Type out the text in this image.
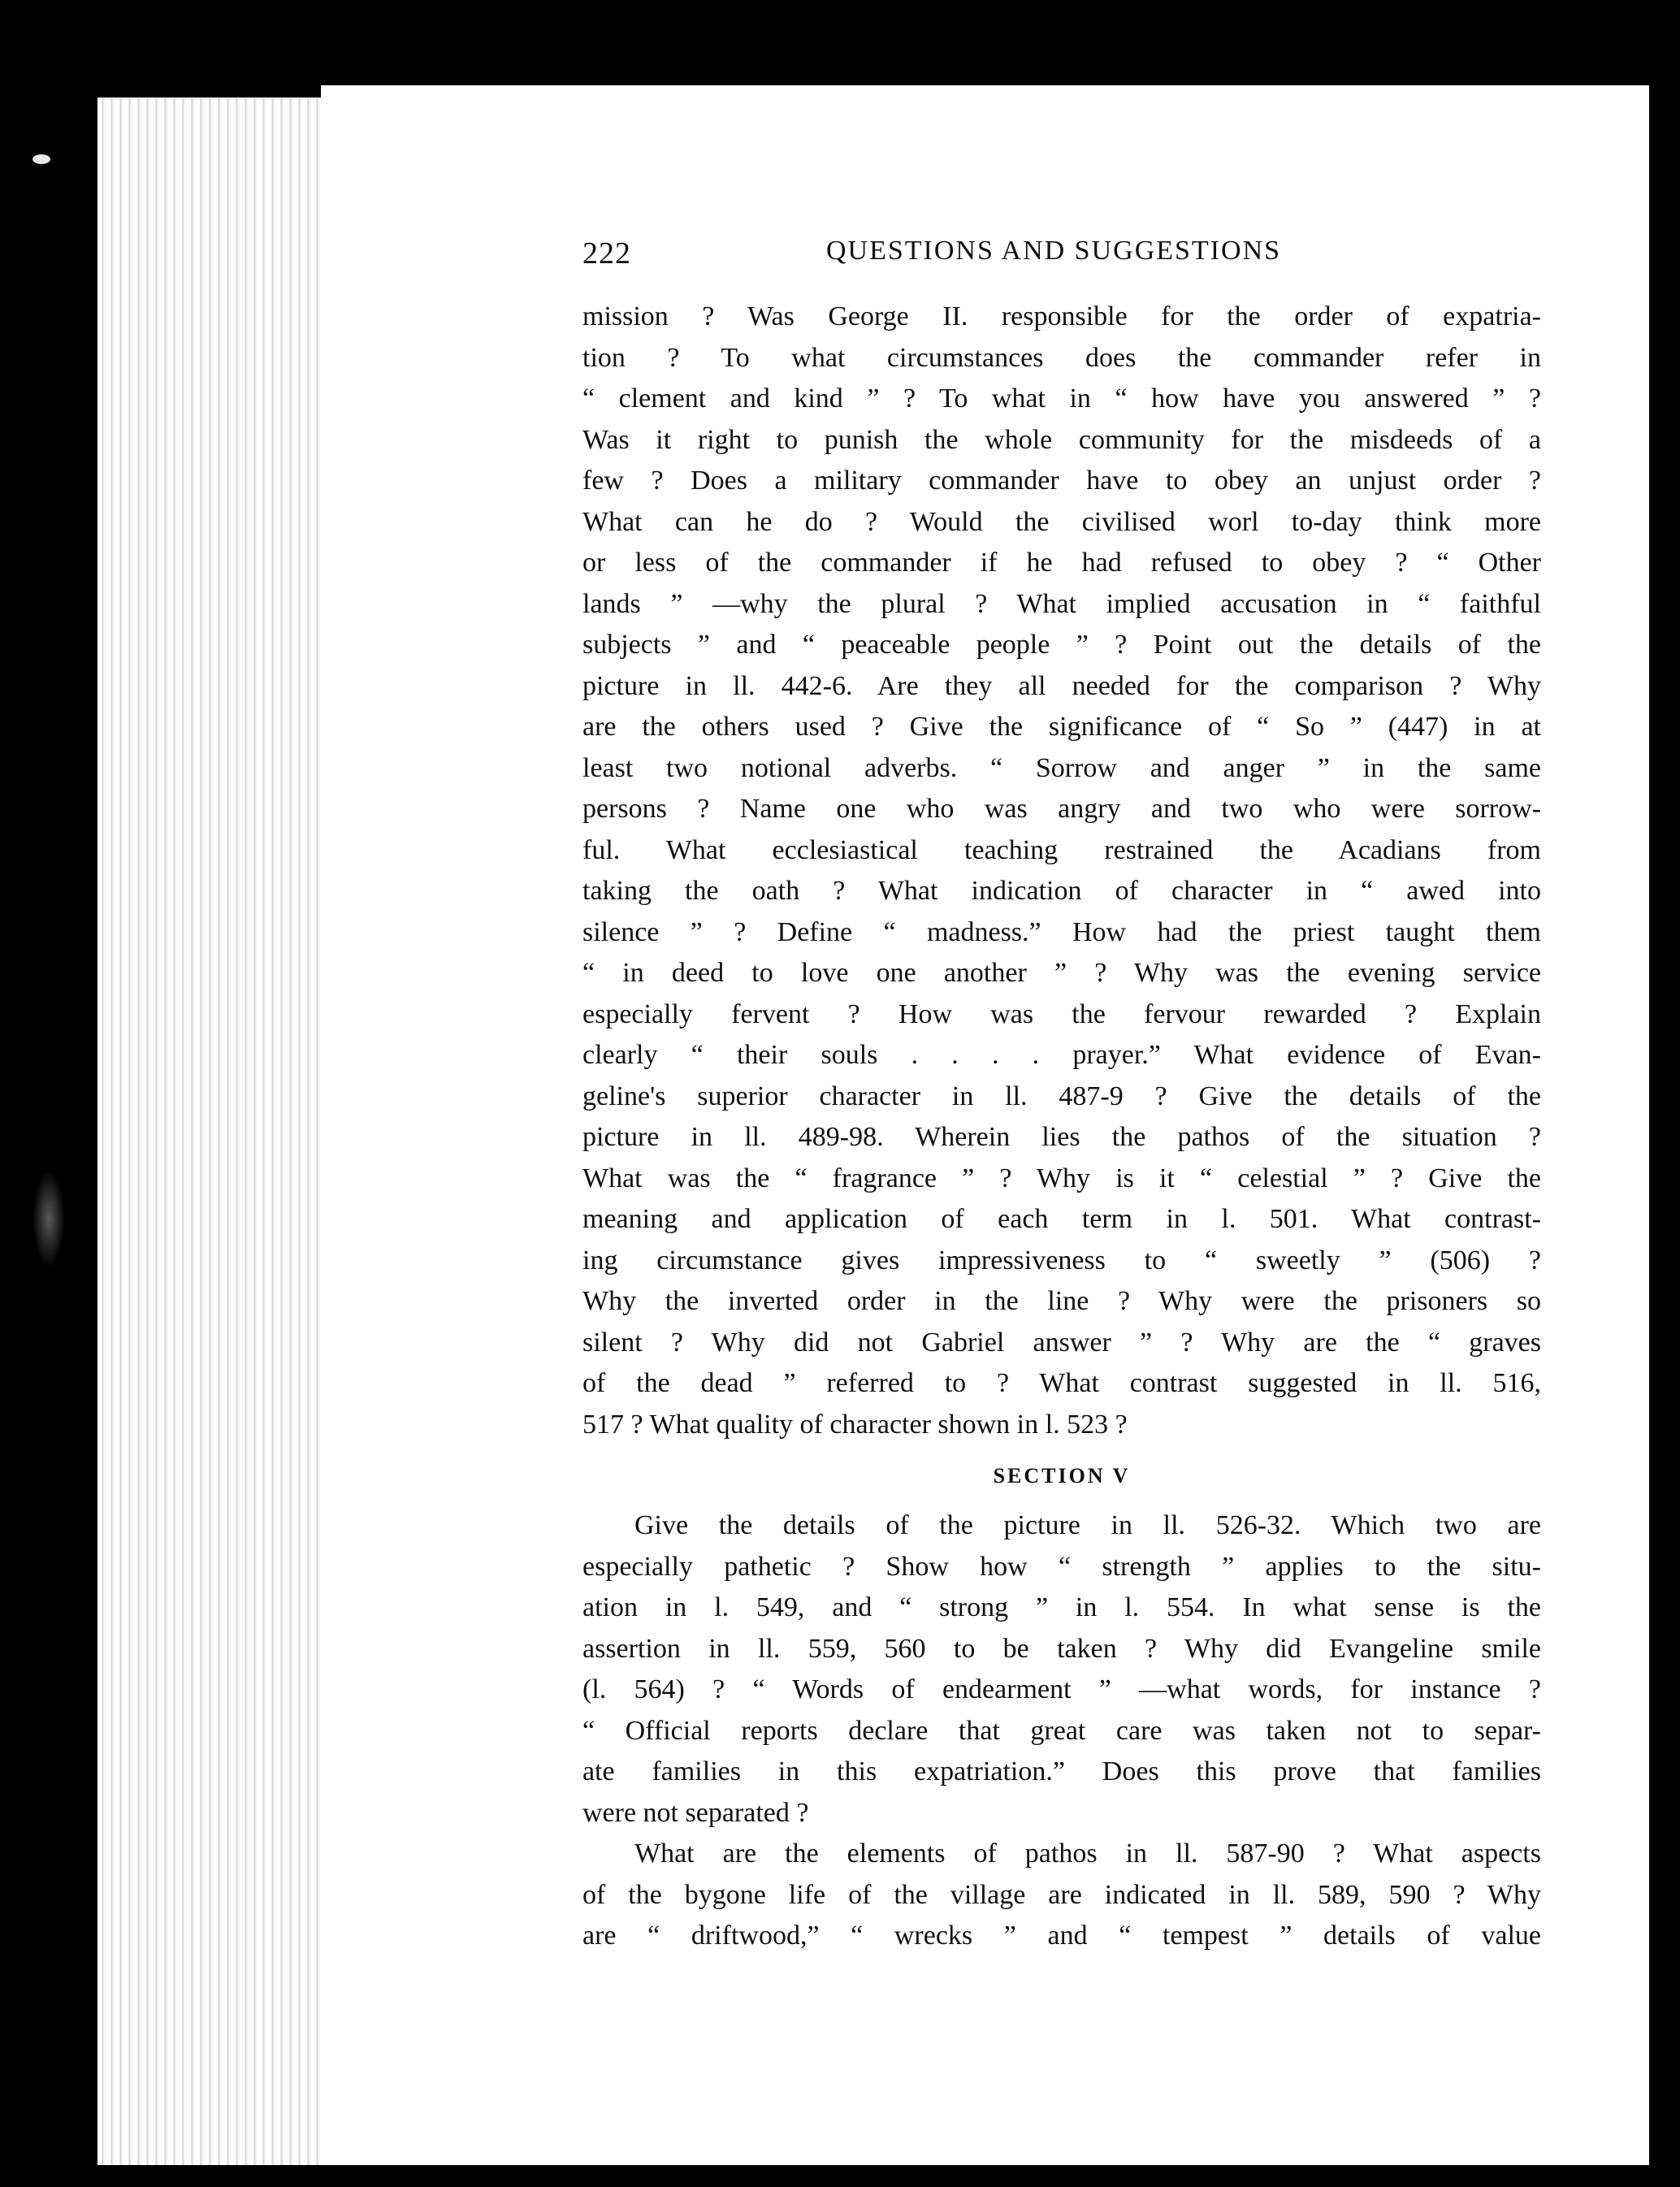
222	QUESTIONS AND SUGGESTIONS
mission ? Was George II. responsible for the order of expatria-
tion ? To what circumstances does the commander refer in
“ clement and kind ” ? To what in “ how have you answered ” ?
Was it right to punish the whole community for the misdeeds of a
few ? Does a military commander have to obey an unjust order ?
What can he do ? Would the civilised worl to-day think more
or less of the commander if he had refused to obey ? “ Other
lands ” —why the plural ? What implied accusation in “ faithful
subjects ” and “ peaceable people ” ? Point out the details of the
picture in ll. 442-6. Are they all needed for the comparison ? Why
are the others used ? Give the significance of “ So ” (447) in at
least two notional adverbs. “ Sorrow and anger ” in the same
persons ? Name one who was angry and two who were sorrow-
ful. What ecclesiastical teaching restrained the Acadians from
taking the oath ? What indication of character in “ awed into
silence ” ? Define “ madness.” How had the priest taught them
“ in deed to love one another ” ? Why was the evening service
especially fervent ? How was the fervour rewarded ? Explain
clearly “ their souls . . . . prayer.” What evidence of Evan-
geline's superior character in ll. 487-9 ? Give the details of the
picture in ll. 489-98. Wherein lies the pathos of the situation ?
What was the “ fragrance ” ? Why is it “ celestial ” ? Give the
meaning and application of each term in l. 501. What contrast-
ing circumstance gives impressiveness to “ sweetly ” (506) ?
Why the inverted order in the line ? Why were the prisoners so
silent ? Why did not Gabriel answer ” ? Why are the “ graves
of the dead ” referred to ? What contrast suggested in ll. 516,
517 ? What quality of character shown in l. 523 ?
SECTION V
Give the details of the picture in ll. 526-32. Which two are
especially pathetic ? Show how “ strength ” applies to the situ-
ation in l. 549, and “ strong ” in l. 554. In what sense is the
assertion in ll. 559, 560 to be taken ? Why did Evangeline smile
(l. 564) ? “ Words of endearment ” —what words, for instance ?
“ Official reports declare that great care was taken not to separ-
ate families in this expatriation.” Does this prove that families
were not separated ?
What are the elements of pathos in ll. 587-90 ? What aspects
of the bygone life of the village are indicated in ll. 589, 590 ? Why
are “ driftwood,” “ wrecks ” and “ tempest ” details of value
